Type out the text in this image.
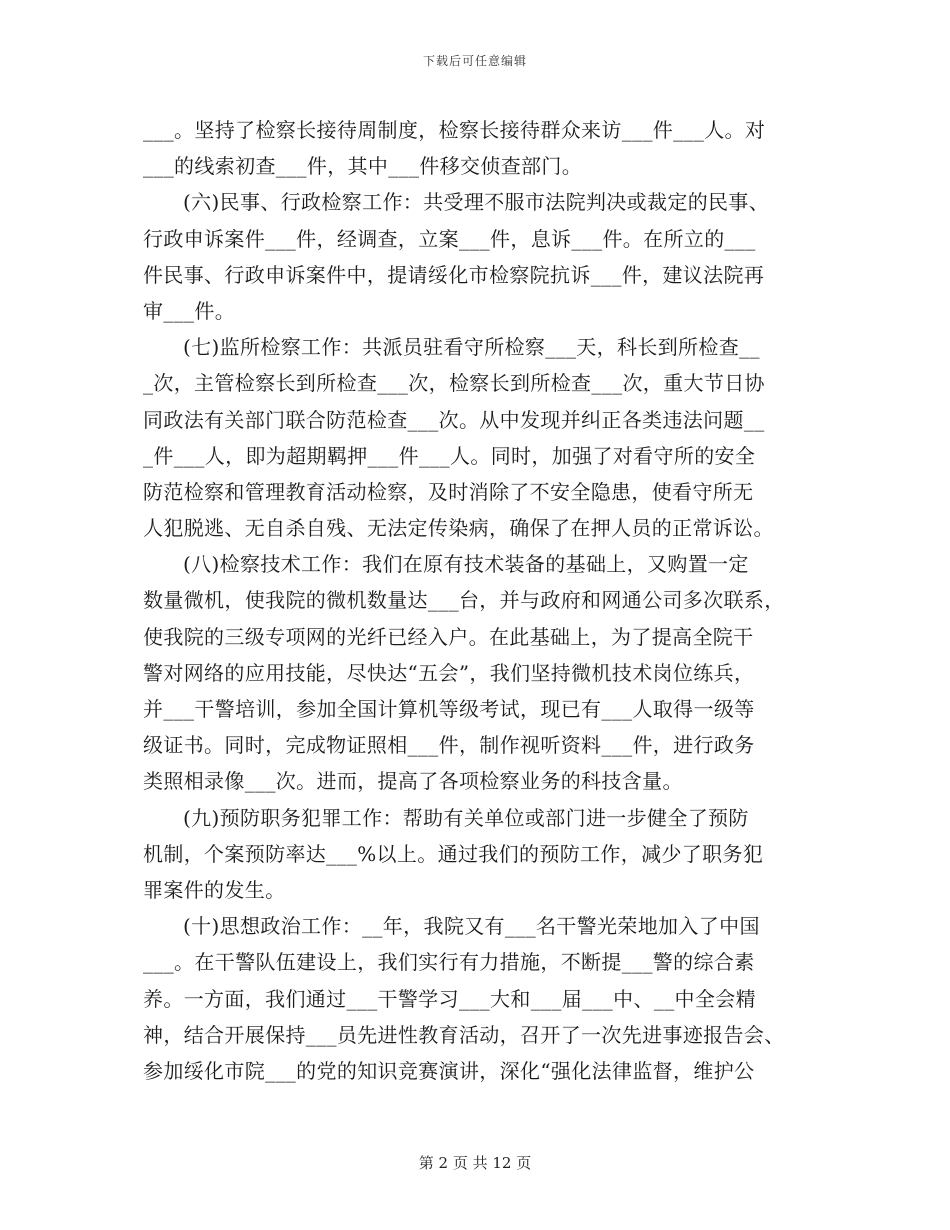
下载后可任意编辑
___。坚持了检察长接待周制度，检察长接待群众来访___件___人。对
___的线索初查___件，其中___件移交侦查部门。
(六)民事、行政检察工作：共受理不服市法院判决或裁定的民事、
行政申诉案件___件，经调查，立案___件，息诉___件。在所立的___
件民事、行政申诉案件中，提请绥化市检察院抗诉___件，建议法院再
审___件。
(七)监所检察工作：共派员驻看守所检察___天，科长到所检查__
_次，主管检察长到所检查___次，检察长到所检查___次，重大节日协
同政法有关部门联合防范检查___次。从中发现并纠正各类违法问题__
_件___人，即为超期羁押___件___人。同时，加强了对看守所的安全
防范检察和管理教育活动检察，及时消除了不安全隐患，使看守所无
人犯脱逃、无自杀自残、无法定传染病，确保了在押人员的正常诉讼。
(八)检察技术工作：我们在原有技术装备的基础上，又购置一定
数量微机，使我院的微机数量达___台，并与政府和网通公司多次联系，
使我院的三级专项网的光纤已经入户。在此基础上，为了提高全院干
警对网络的应用技能，尽快达“五会”，我们坚持微机技术岗位练兵，
并___干警培训，参加全国计算机等级考试，现已有___人取得一级等
级证书。同时，完成物证照相___件，制作视听资料___件，进行政务
类照相录像___次。进而，提高了各项检察业务的科技含量。
(九)预防职务犯罪工作：帮助有关单位或部门进一步健全了预防
机制，个案预防率达___%以上。通过我们的预防工作，减少了职务犯
罪案件的发生。
(十)思想政治工作：__年，我院又有___名干警光荣地加入了中国
___。在干警队伍建设上，我们实行有力措施，不断提___警的综合素
养。一方面，我们通过___干警学习___大和___届___中、__中全会精
神，结合开展保持___员先进性教育活动，召开了一次先进事迹报告会、
参加绥化市院___的党的知识竞赛演讲，深化“强化法律监督，维护公
第 2 页 共 12 页
